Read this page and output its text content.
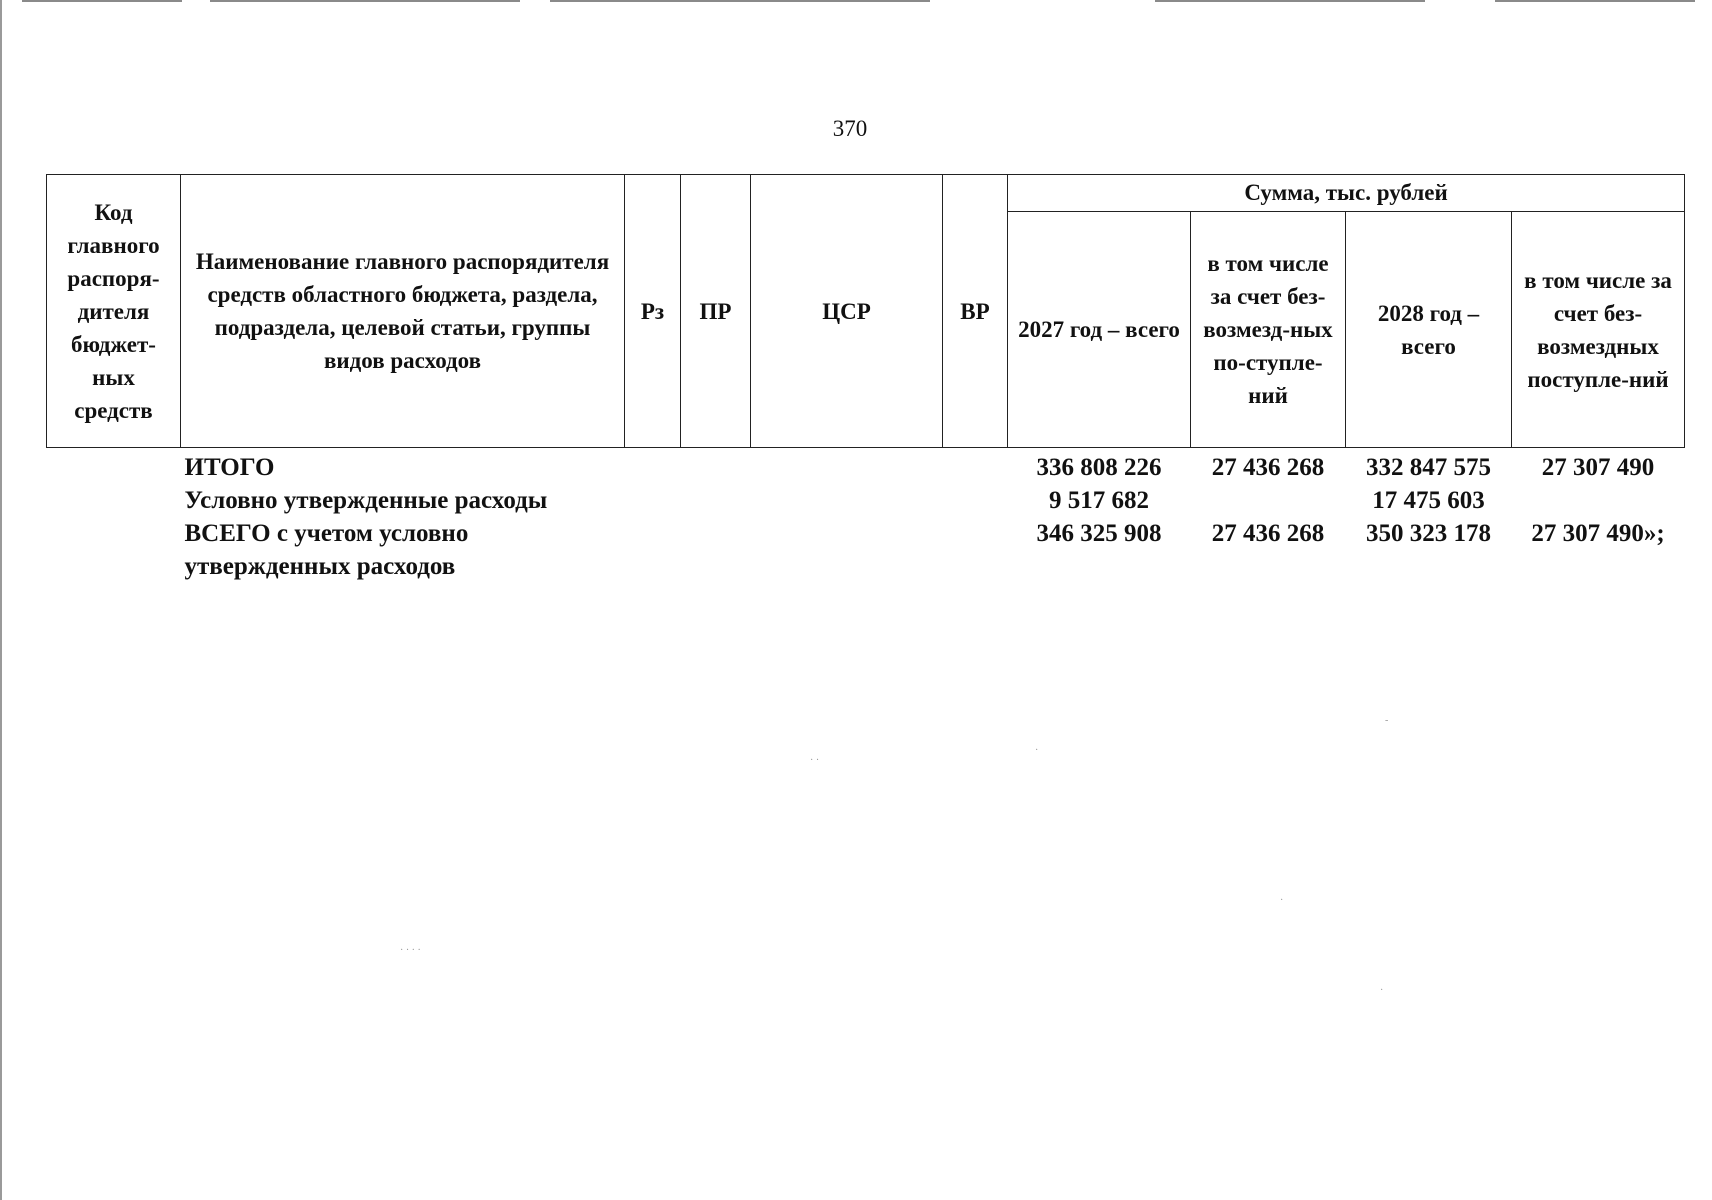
370
Код главного распоря-дителя бюджет-ных средств	Наименование главного распорядителя средств областного бюджета, раздела, подраздела, целевой статьи, группы видов расходов	Рз	ПР	ЦСР	ВР	Сумма, тыс. рублей			
						2027 год – всего	в том числе за счет без-возмезд-ных по-ступле-ний	2028 год – всего	в том числе за счет без-возмездных поступле-ний
	ИТОГО					336 808 226	27 436 268	332 847 575	27 307 490
	Условно утвержденные расходы					9 517 682		17 475 603	
	ВСЕГО с учетом условно утвержденных расходов					346 325 908	27 436 268	350 323 178	27 307 490»;
· · · ·
· ·
-
·
·
·
